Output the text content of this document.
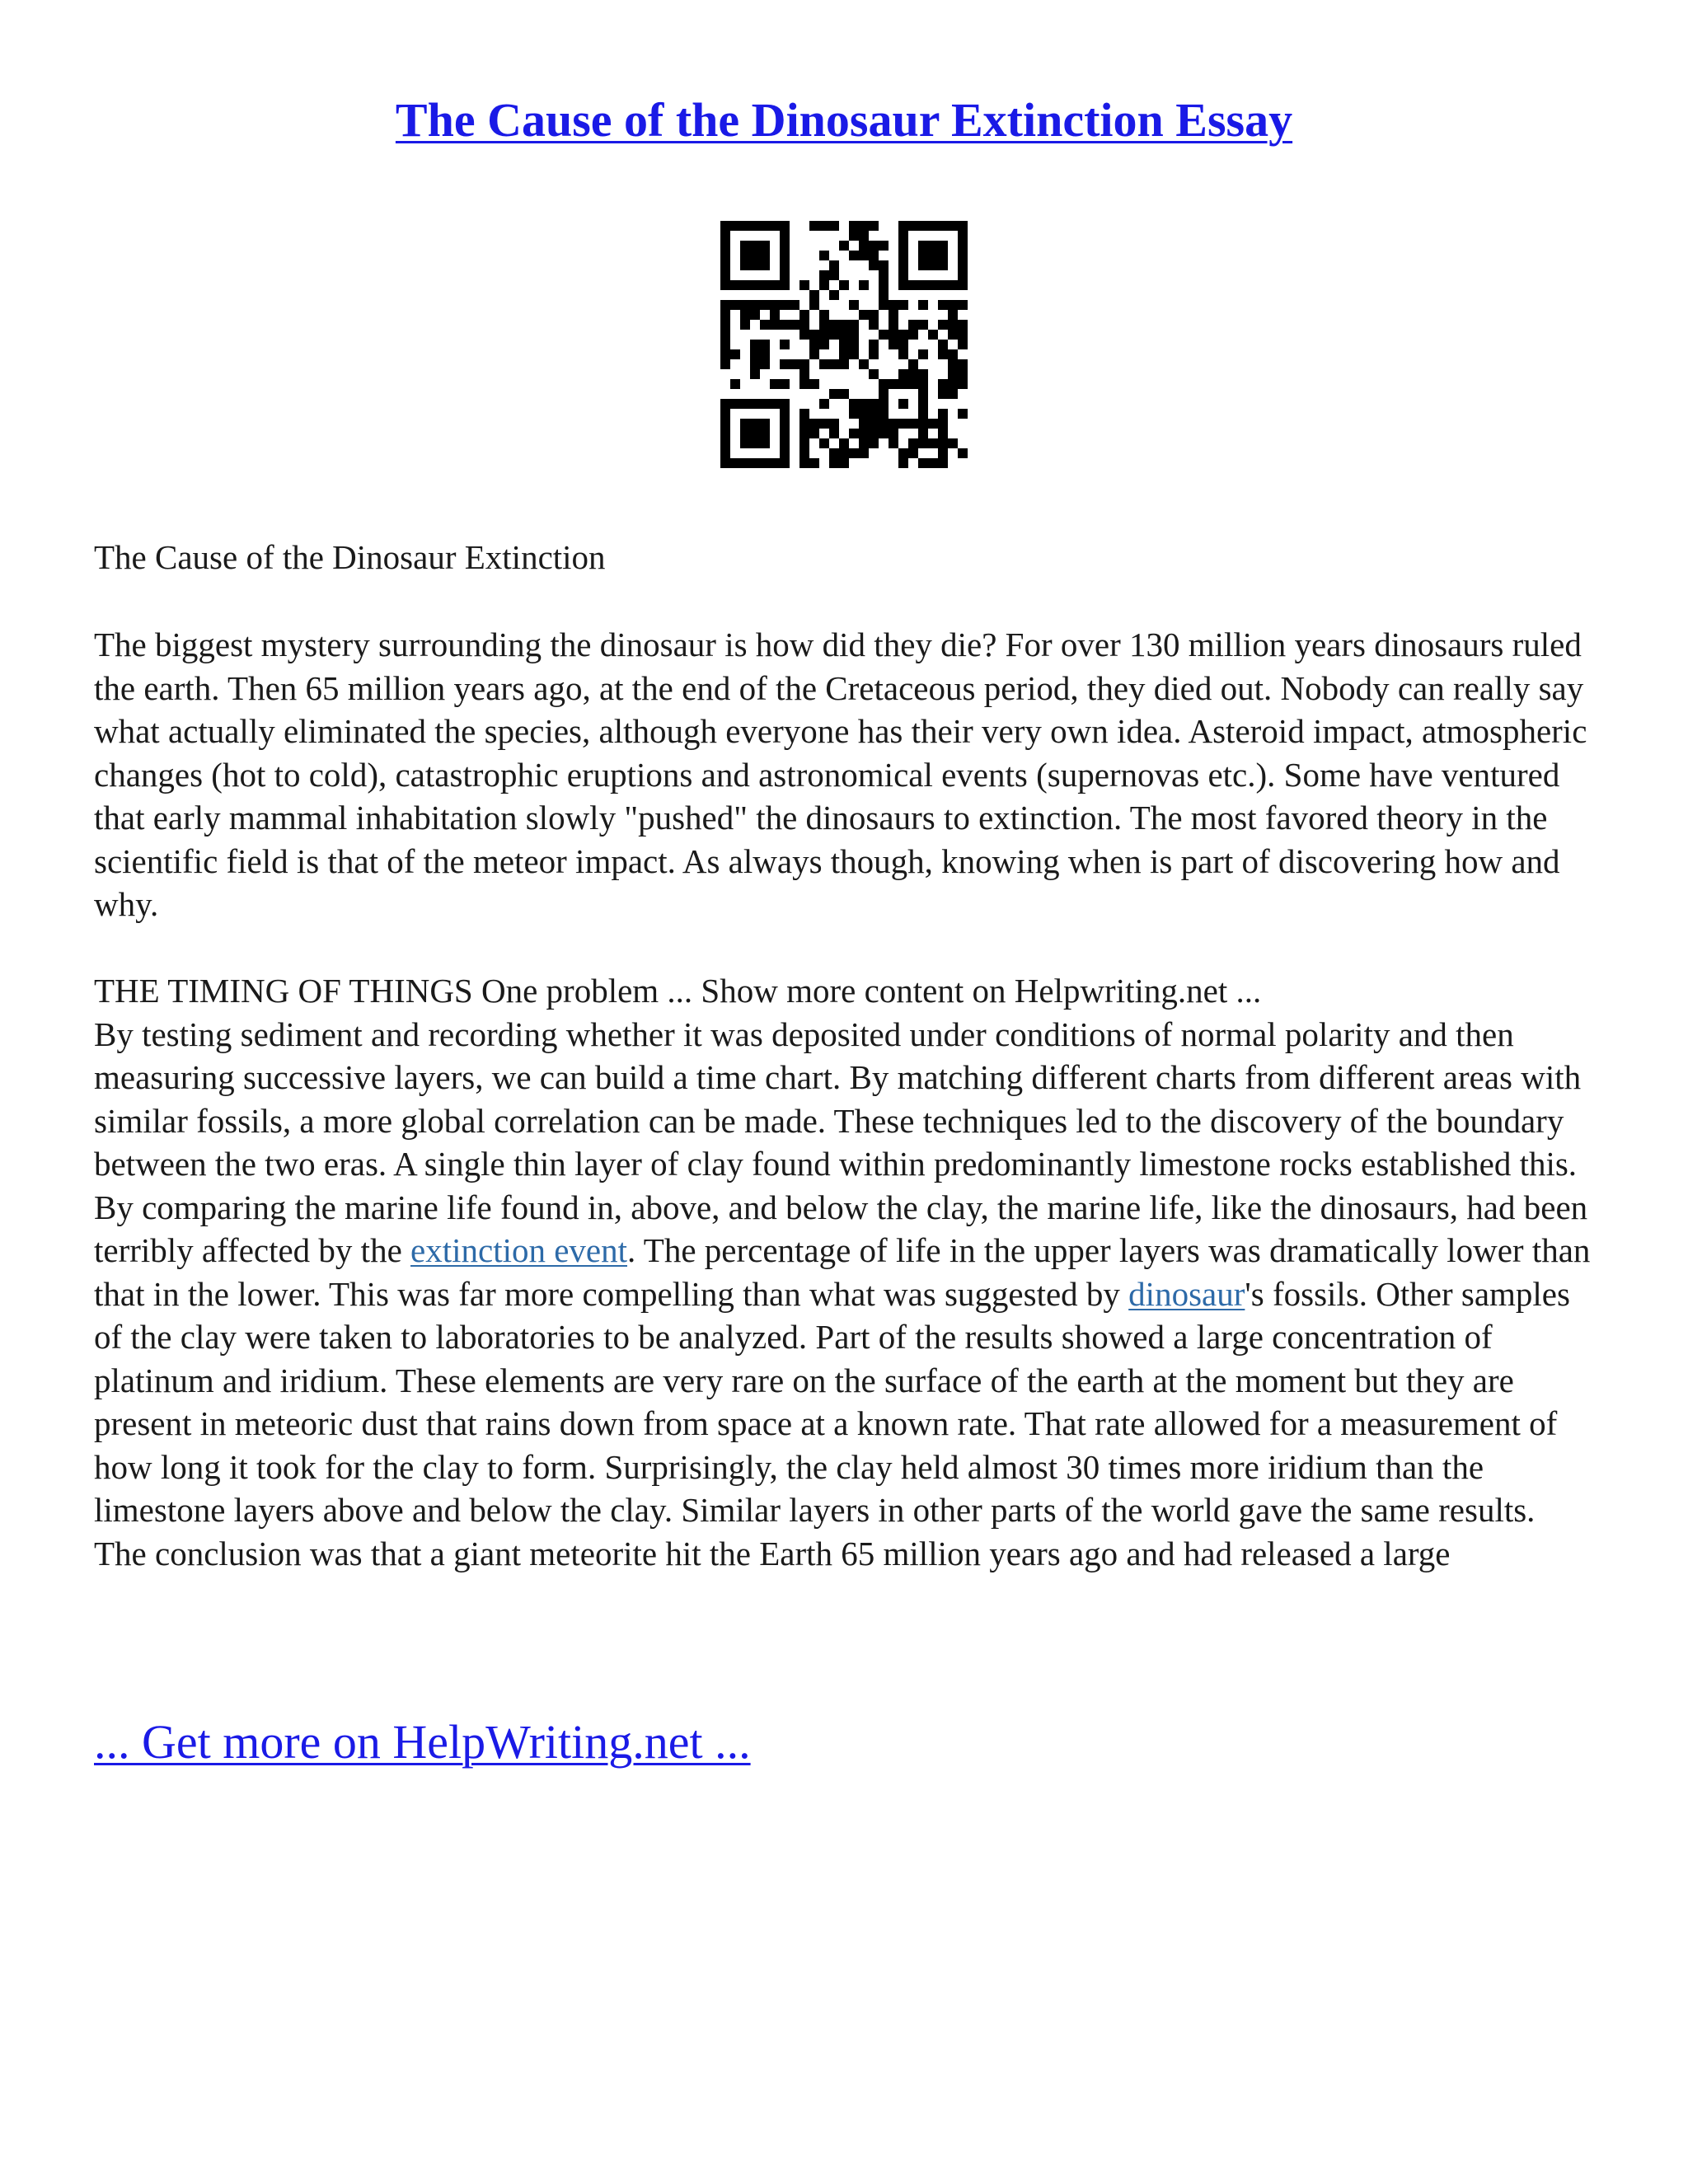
The Cause of the Dinosaur Extinction Essay
The Cause of the Dinosaur Extinction

The biggest mystery surrounding the dinosaur is how did they die? For over 130 million years dinosaurs ruled the earth. Then 65 million years ago, at the end of the Cretaceous period, they died out. Nobody can really say what actually eliminated the species, although everyone has their very own idea. Asteroid impact, atmospheric changes (hot to cold), catastrophic eruptions and astronomical events (supernovas etc.). Some have ventured that early mammal inhabitation slowly "pushed" the dinosaurs to extinction. The most favored theory in the scientific field is that of the meteor impact. As always though, knowing when is part of discovering how and why.

THE TIMING OF THINGS One problem ... Show more content on Helpwriting.net ...

By testing sediment and recording whether it was deposited under conditions of normal polarity and then measuring successive layers, we can build a time chart. By matching different charts from different areas with similar fossils, a more global correlation can be made. These techniques led to the discovery of the boundary between the two eras. A single thin layer of clay found within predominantly limestone rocks established this. By comparing the marine life found in, above, and below the clay, the marine life, like the dinosaurs, had been terribly affected by the extinction event. The percentage of life in the upper layers was dramatically lower than that in the lower. This was far more compelling than what was suggested by dinosaur's fossils. Other samples of the clay were taken to laboratories to be analyzed. Part of the results showed a large concentration of platinum and iridium. These elements are very rare on the surface of the earth at the moment but they are present in meteoric dust that rains down from space at a known rate. That rate allowed for a measurement of how long it took for the clay to form. Surprisingly, the clay held almost 30 times more iridium than the limestone layers above and below the clay. Similar layers in other parts of the world gave the same results. The conclusion was that a giant meteorite hit the Earth 65 million years ago and had released a large

... Get more on HelpWriting.net ...
